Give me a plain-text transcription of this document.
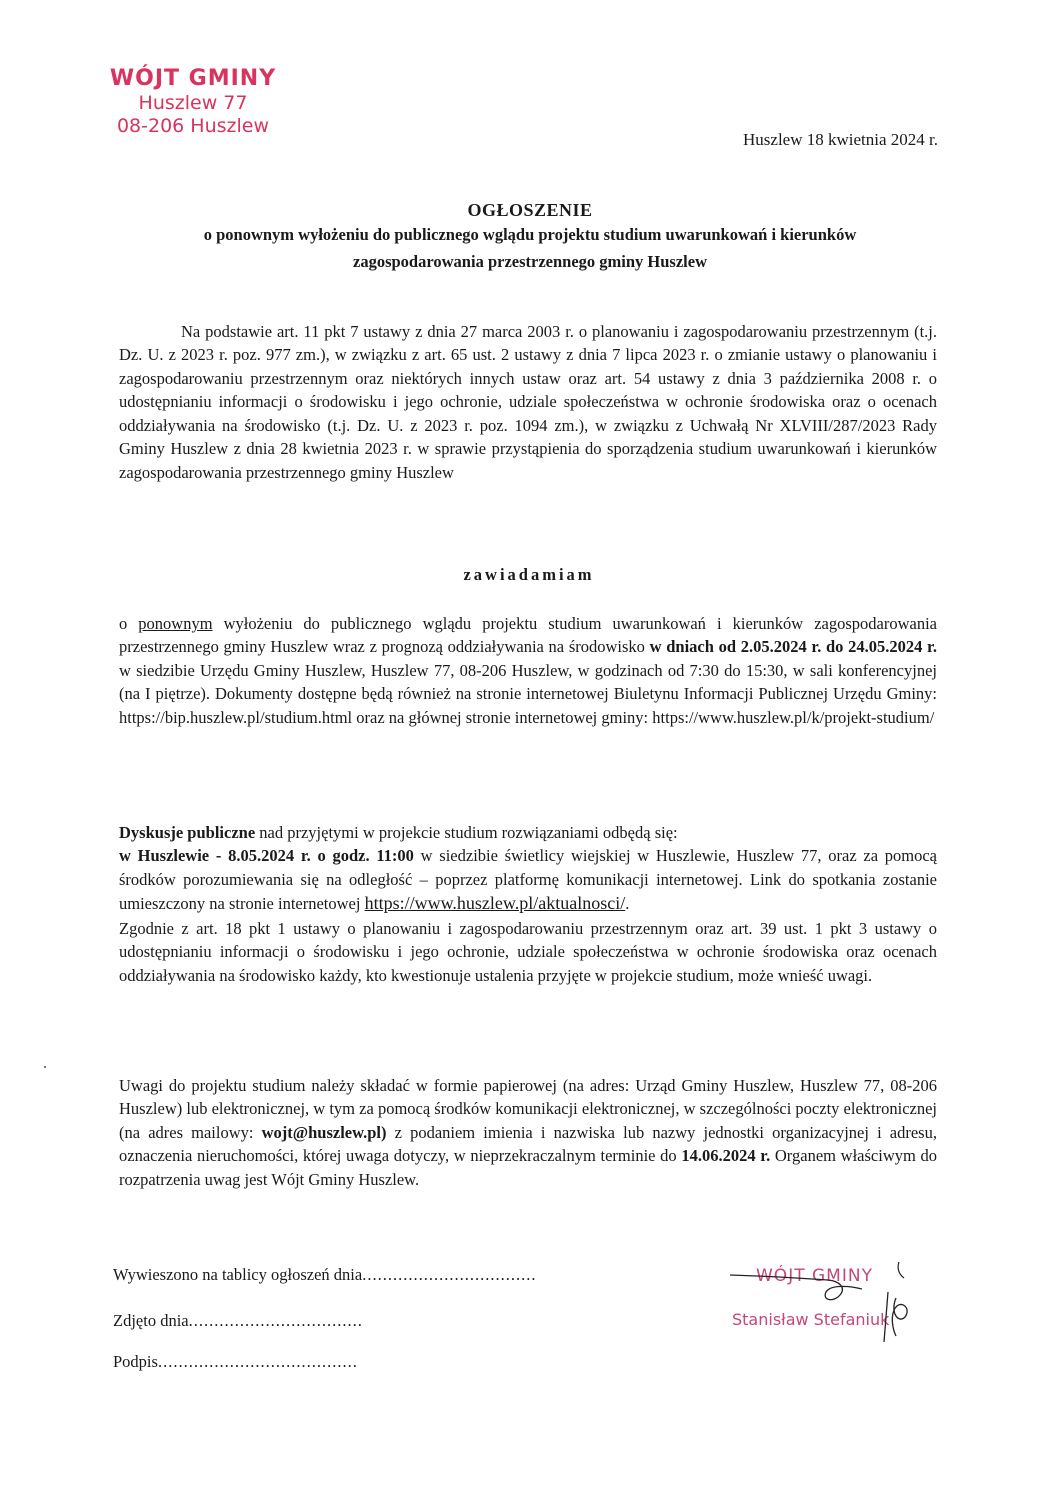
WÓJT GMINY
Huszlew 77
08-206 Huszlew
Huszlew 18 kwietnia 2024 r.
OGŁOSZENIE
o ponownym wyłożeniu do publicznego wglądu projektu studium uwarunkowań i kierunków
zagospodarowania przestrzennego gminy Huszlew
Na podstawie art. 11 pkt 7 ustawy z dnia 27 marca 2003 r. o planowaniu i zagospodarowaniu przestrzennym (t.j. Dz. U. z 2023 r. poz. 977 zm.), w związku z art. 65 ust. 2 ustawy z dnia 7 lipca 2023 r. o zmianie ustawy o planowaniu i zagospodarowaniu przestrzennym oraz niektórych innych ustaw oraz art. 54 ustawy z dnia 3 października 2008 r. o udostępnianiu informacji o środowisku i jego ochronie, udziale społeczeństwa w ochronie środowiska oraz o ocenach oddziaływania na środowisko (t.j. Dz. U. z 2023 r. poz. 1094 zm.), w związku z Uchwałą Nr XLVIII/287/2023 Rady Gminy Huszlew z dnia 28 kwietnia 2023 r. w sprawie przystąpienia do sporządzenia studium uwarunkowań i kierunków zagospodarowania przestrzennego gminy Huszlew
zawiadamiam
o ponownym wyłożeniu do publicznego wglądu projektu studium uwarunkowań i kierunków zagospodarowania przestrzennego gminy Huszlew wraz z prognozą oddziaływania na środowisko w dniach od 2.05.2024 r. do 24.05.2024 r. w siedzibie Urzędu Gminy Huszlew, Huszlew 77, 08-206 Huszlew, w godzinach od 7:30 do 15:30, w sali konferencyjnej (na I piętrze). Dokumenty dostępne będą również na stronie internetowej Biuletynu Informacji Publicznej Urzędu Gminy: https://bip.huszlew.pl/studium.html oraz na głównej stronie internetowej gminy: https://www.huszlew.pl/k/projekt-studium/
Dyskusje publiczne nad przyjętymi w projekcie studium rozwiązaniami odbędą się:
w Huszlewie - 8.05.2024 r. o godz. 11:00 w siedzibie świetlicy wiejskiej w Huszlewie, Huszlew 77, oraz za pomocą środków porozumiewania się na odległość – poprzez platformę komunikacji internetowej. Link do spotkania zostanie umieszczony na stronie internetowej https://www.huszlew.pl/aktualnosci/.
Zgodnie z art. 18 pkt 1 ustawy o planowaniu i zagospodarowaniu przestrzennym oraz art. 39 ust. 1 pkt 3 ustawy o udostępnianiu informacji o środowisku i jego ochronie, udziale społeczeństwa w ochronie środowiska oraz ocenach oddziaływania na środowisko każdy, kto kwestionuje ustalenia przyjęte w projekcie studium, może wnieść uwagi.
Uwagi do projektu studium należy składać w formie papierowej (na adres: Urząd Gminy Huszlew, Huszlew 77, 08-206 Huszlew) lub elektronicznej, w tym za pomocą środków komunikacji elektronicznej, w szczególności poczty elektronicznej (na adres mailowy: wojt@huszlew.pl) z podaniem imienia i nazwiska lub nazwy jednostki organizacyjnej i adresu, oznaczenia nieruchomości, której uwaga dotyczy, w nieprzekraczalnym terminie do 14.06.2024 r. Organem właściwym do rozpatrzenia uwag jest Wójt Gminy Huszlew.
Wywieszono na tablicy ogłoszeń dnia..................................
Zdjęto dnia..................................
Podpis.......................................
WÓJT GMINY
Stanisław Stefaniuk
